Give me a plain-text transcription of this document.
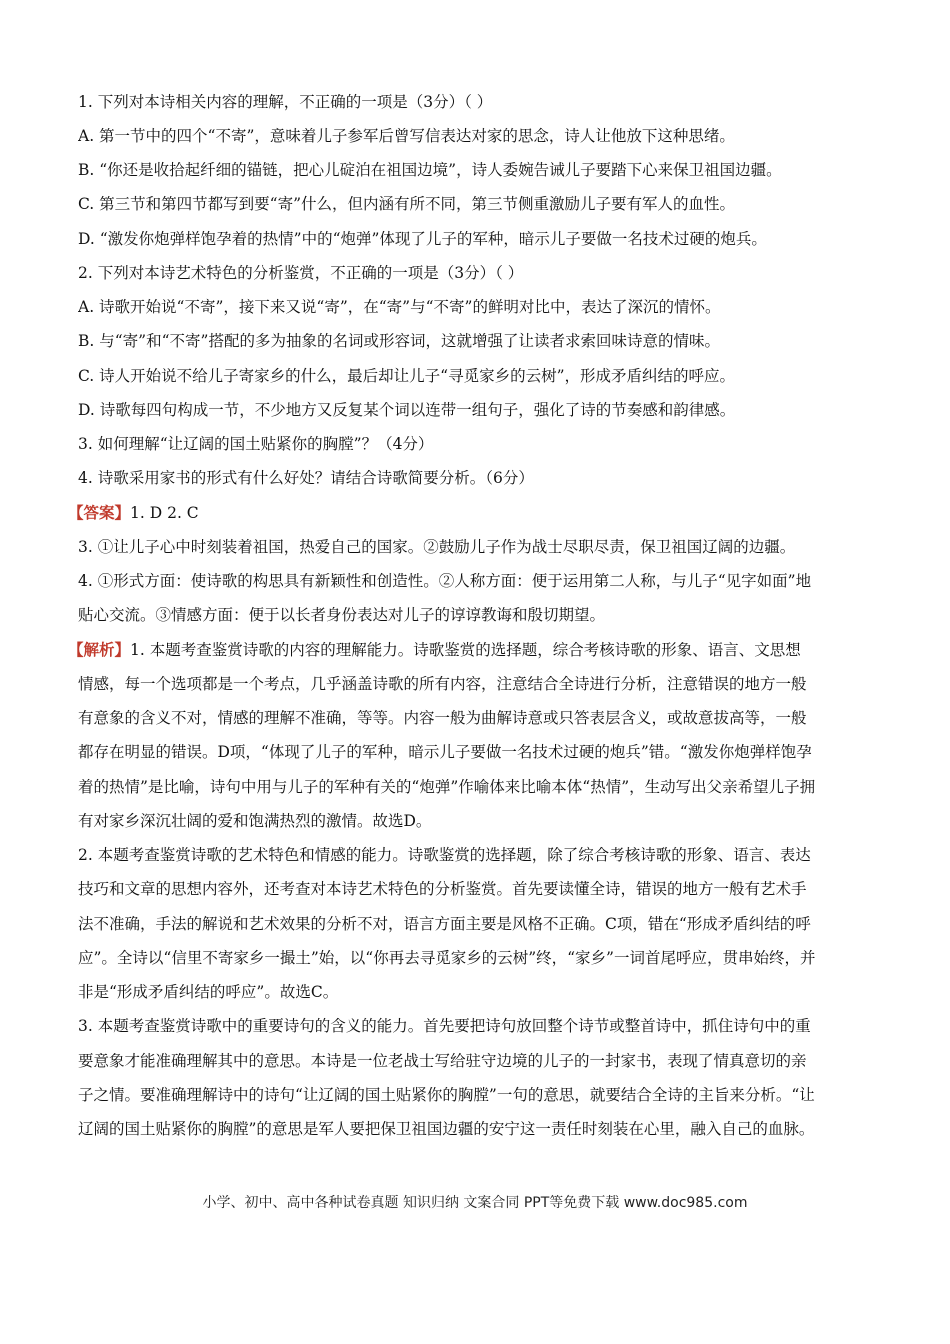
1. 下列对本诗相关内容的理解，不正确的一项是（3分）（ ）
A. 第一节中的四个“不寄”，意味着儿子参军后曾写信表达对家的思念，诗人让他放下这种思绪。
B. “你还是收拾起纤细的锚链，把心儿碇泊在祖国边境”，诗人委婉告诫儿子要踏下心来保卫祖国边疆。
C. 第三节和第四节都写到要“寄”什么，但内涵有所不同，第三节侧重激励儿子要有军人的血性。
D. “激发你炮弹样饱孕着的热情”中的“炮弹”体现了儿子的军种，暗示儿子要做一名技术过硬的炮兵。
2. 下列对本诗艺术特色的分析鉴赏，不正确的一项是（3分）（ ）
A. 诗歌开始说“不寄”，接下来又说“寄”，在“寄”与“不寄”的鲜明对比中，表达了深沉的情怀。
B. 与“寄”和“不寄”搭配的多为抽象的名词或形容词，这就增强了让读者求索回味诗意的情味。
C. 诗人开始说不给儿子寄家乡的什么，最后却让儿子“寻觅家乡的云树”，形成矛盾纠结的呼应。
D. 诗歌每四句构成一节，不少地方又反复某个词以连带一组句子，强化了诗的节奏感和韵律感。
3. 如何理解“让辽阔的国土贴紧你的胸膛”？（4分）
4. 诗歌采用家书的形式有什么好处？请结合诗歌简要分析。（6分）
【答案】1. D 2. C
3. ①让儿子心中时刻装着祖国，热爱自己的国家。②鼓励儿子作为战士尽职尽责，保卫祖国辽阔的边疆。
4. ①形式方面：使诗歌的构思具有新颖性和创造性。②人称方面：便于运用第二人称，与儿子“见字如面”地
贴心交流。③情感方面：便于以长者身份表达对儿子的谆谆教诲和殷切期望。
【解析】1. 本题考查鉴赏诗歌的内容的理解能力。诗歌鉴赏的选择题，综合考核诗歌的形象、语言、文思想
情感，每一个选项都是一个考点，几乎涵盖诗歌的所有内容，注意结合全诗进行分析，注意错误的地方一般
有意象的含义不对，情感的理解不准确，等等。内容一般为曲解诗意或只答表层含义，或故意拔高等，一般
都存在明显的错误。D项，“体现了儿子的军种，暗示儿子要做一名技术过硬的炮兵”错。“激发你炮弹样饱孕
着的热情”是比喻，诗句中用与儿子的军种有关的“炮弹”作喻体来比喻本体“热情”，生动写出父亲希望儿子拥
有对家乡深沉壮阔的爱和饱满热烈的激情。故选D。
2. 本题考查鉴赏诗歌的艺术特色和情感的能力。诗歌鉴赏的选择题，除了综合考核诗歌的形象、语言、表达
技巧和文章的思想内容外，还考查对本诗艺术特色的分析鉴赏。首先要读懂全诗，错误的地方一般有艺术手
法不准确，手法的解说和艺术效果的分析不对，语言方面主要是风格不正确。C项，错在“形成矛盾纠结的呼
应”。全诗以“信里不寄家乡一撮土”始，以“你再去寻觅家乡的云树”终，“家乡”一词首尾呼应，贯串始终，并
非是“形成矛盾纠结的呼应”。故选C。
3. 本题考查鉴赏诗歌中的重要诗句的含义的能力。首先要把诗句放回整个诗节或整首诗中，抓住诗句中的重
要意象才能准确理解其中的意思。本诗是一位老战士写给驻守边境的儿子的一封家书，表现了情真意切的亲
子之情。要准确理解诗中的诗句“让辽阔的国土贴紧你的胸膛”一句的意思，就要结合全诗的主旨来分析。“让
辽阔的国土贴紧你的胸膛”的意思是军人要把保卫祖国边疆的安宁这一责任时刻装在心里，融入自己的血脉。
小学、初中、高中各种试卷真题 知识归纳 文案合同 PPT等免费下载 www.doc985.com
